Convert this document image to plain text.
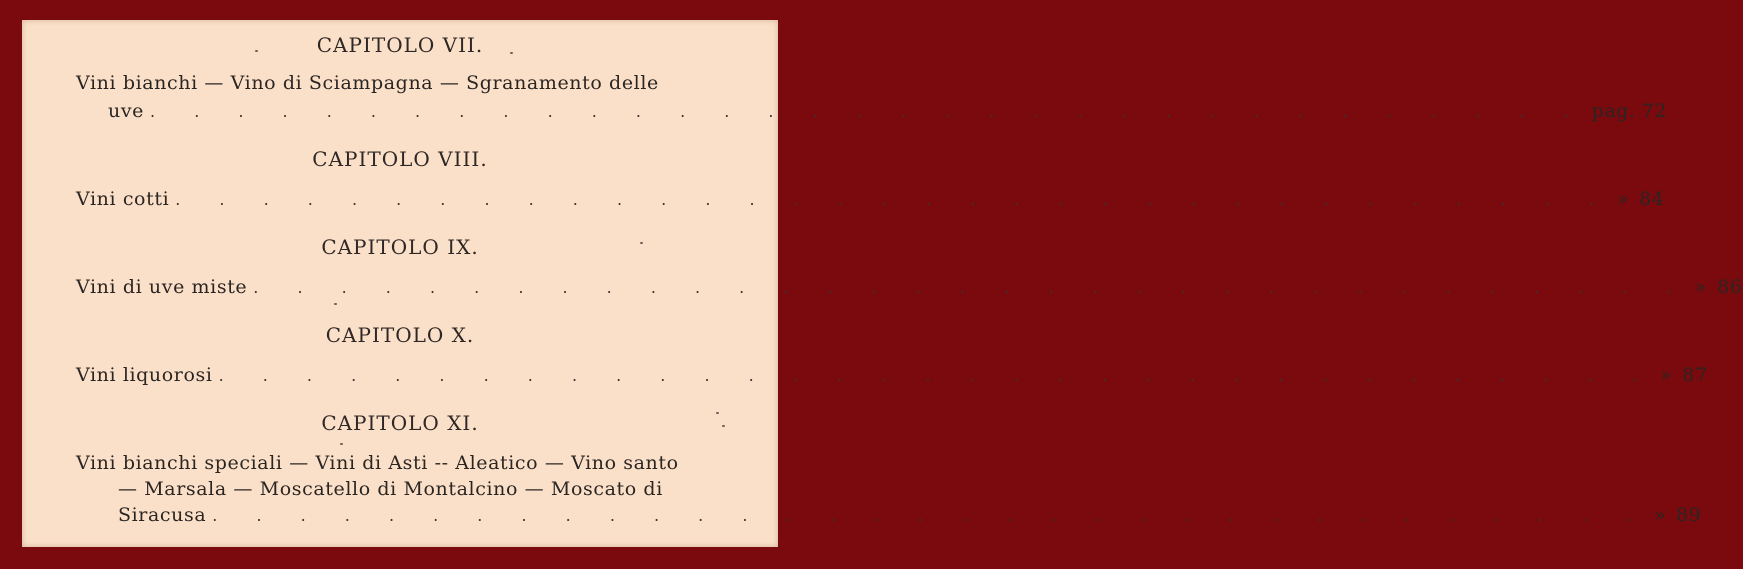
CAPITOLO VII.
Vini bianchi — Vino di Sciampagna — Sgranamento delle
uve . . . . . . . . . . . . . . . . . . . . . . . . . . . . . . . . . pag. 72
CAPITOLO VIII.
Vini cotti . . . . . . . . . . . . . . . . . . . . . . . . . . . . . . . . . » 84
CAPITOLO IX.
Vini di uve miste . . . . . . . . . . . . . . . . . . . . . . . . . . . . . . . . . » 86
CAPITOLO X.
Vini liquorosi . . . . . . . . . . . . . . . . . . . . . . . . . . . . . . . . . » 87
CAPITOLO XI.
Vini bianchi speciali — Vini di Asti -- Aleatico — Vino santo
— Marsala — Moscatello di Montalcino — Moscato di
Siracusa . . . . . . . . . . . . . . . . . . . . . . . . . . . . . . . . . » 89
